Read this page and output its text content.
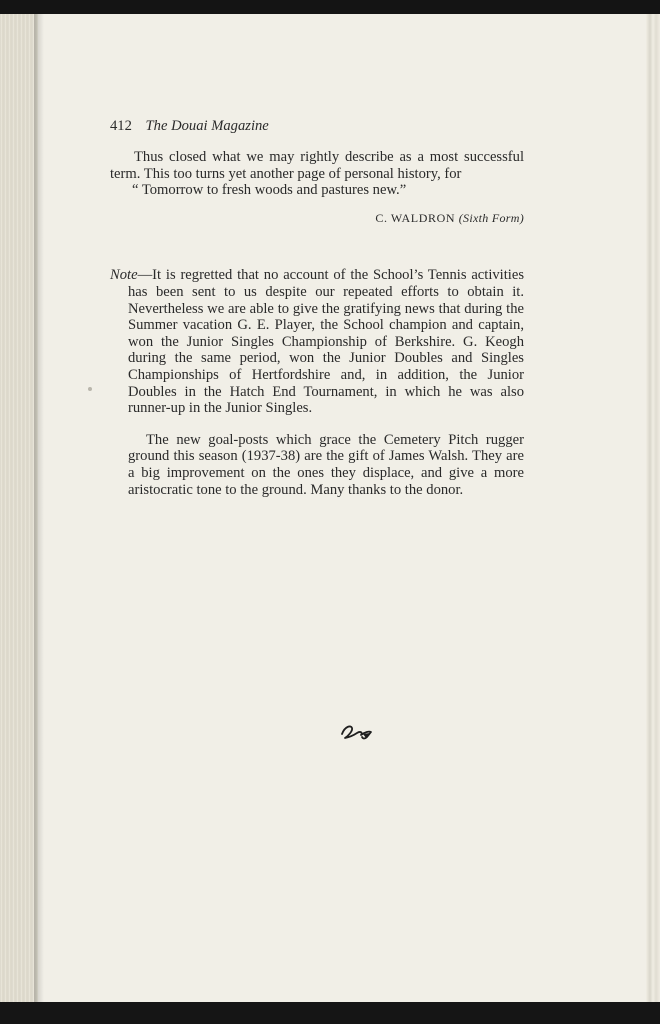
412 The Douai Magazine

Thus closed what we may rightly describe as a most successful term. This too turns yet another page of personal history, for

“ Tomorrow to fresh woods and pastures new.”

C. WALDRON (Sixth Form)

Note—It is regretted that no account of the School’s Tennis activities has been sent to us despite our repeated efforts to obtain it. Nevertheless we are able to give the gratifying news that during the Summer vacation G. E. Player, the School champion and captain, won the Junior Singles Championship of Berkshire. G. Keogh during the same period, won the Junior Doubles and Singles Championships of Hertfordshire and, in addition, the Junior Doubles in the Hatch End Tournament, in which he was also runner-up in the Junior Singles.

The new goal-posts which grace the Cemetery Pitch rugger ground this season (1937-38) are the gift of James Walsh. They are a big improvement on the ones they displace, and give a more aristocratic tone to the ground. Many thanks to the donor.
